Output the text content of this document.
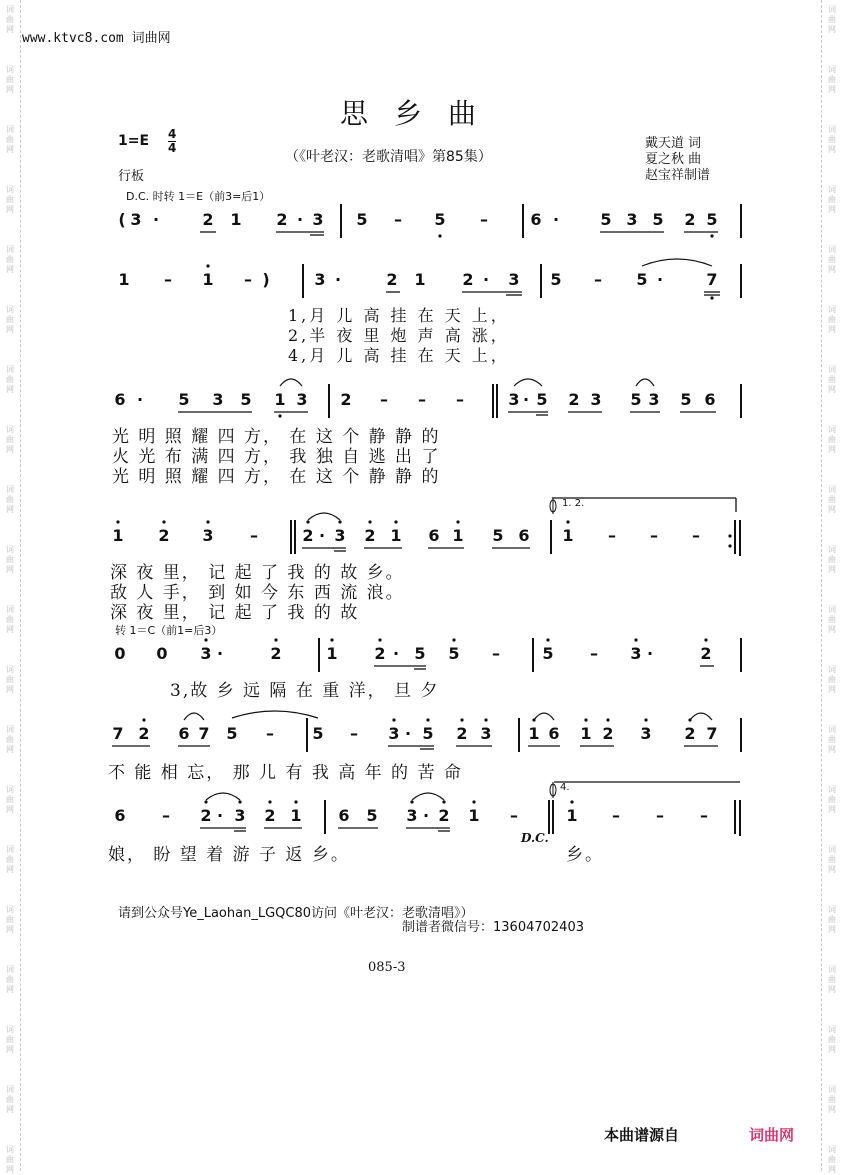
词
曲
网
词
曲
网
词
曲
网
词
曲
网
词
曲
网
词
曲
网
词
曲
网
词
曲
网
词
曲
网
词
曲
网
词
曲
网
词
曲
网
词
曲
网
词
曲
网
词
曲
网
词
曲
网
词
曲
网
词
曲
网
词
曲
网
词
曲
网
词
曲
网
词
曲
网
词
曲
网
词
曲
网
词
曲
网
词
曲
网
词
曲
网
词
曲
网
词
曲
网
词
曲
网
词
曲
网
词
曲
网
词
曲
网
词
曲
网
词
曲
网
词
曲
网
词
曲
网
词
曲
网
词
曲
网
词
曲
网
www.ktvc8.com 词曲网
思乡曲
1=E 4
4
行板
（《叶老汉：老歌清唱》第85集）
戴天道 词
夏之秋 曲
赵宝祥制谱
D.C. 时转 1＝E（前3=后1）
( 3 ·	2 1 2 · 3 5	–	5	–	6 ·	5 3 5 2 5
1	–	1	– )	3 ·	2 1 2 ·	3 5	–	5 ·	7
6 ·	5 3 5 1 3 2	–	–	–	3 · 5 2 3 5 3 5 6
1 2 3	–	2 · 3 2 1 6 1 5 6 1	–	–	–
0 0 3 ·	2	1 2 · 5 5	–	5	–	3 ·	2
7 2 6 7 5	–	5	–	3 · 5 2 3 1 6 1 2 3 2 7
6	–	2 · 3 2 1 6 5 3 · 2 1	–	1	–	–	–
1,月 儿 高 挂 在 天 上，
2,半 夜 里 炮 声 高 涨，
4,月 儿 高 挂 在 天 上，
光 明 照 耀 四 方， 在 这 个 静 静 的
火 光 布 满 四 方， 我 独 自 逃 出 了
光 明 照 耀 四 方， 在 这 个 静 静 的
深 夜 里， 记 起 了 我 的 故 乡。
敌 人 手， 到 如 今 东 西 流 浪。
深 夜 里， 记 起 了 我 的 故
转 1＝C（前1=后3）
3,故 乡 远 隔 在 重 洋， 旦 夕
不 能 相 忘， 那 儿 有 我 高 年 的 苦 命
娘， 盼 望 着 游 子 返 乡。
D.C.
乡。
1. 2.
4.
请到公众号Ye_Laohan_LGQC80访问《叶老汉：老歌清唱》）
制谱者微信号：13604702403
085-3
本曲谱源自	词曲网
